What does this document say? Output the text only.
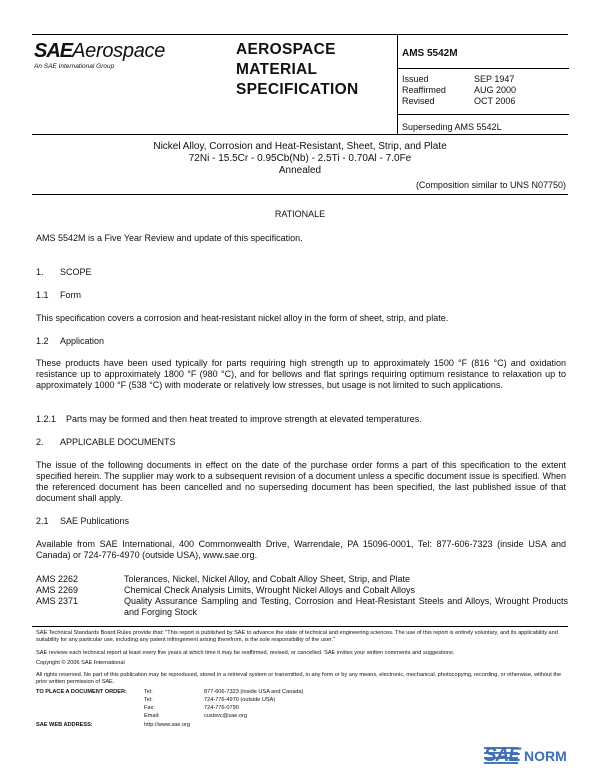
SAEAerospace
An SAE International Group
AEROSPACE
MATERIAL
SPECIFICATION
AMS 5542M
Issued	SEP 1947
Reaffirmed	AUG 2000
Revised	OCT 2006
Superseding AMS 5542L
Nickel Alloy, Corrosion and Heat-Resistant, Sheet, Strip, and Plate
72Ni - 15.5Cr - 0.95Cb(Nb) - 2.5Ti - 0.70Al - 7.0Fe
Annealed
(Composition similar to UNS N07750)
RATIONALE
AMS 5542M is a Five Year Review and update of this specification.
1. SCOPE
1.1 Form
This specification covers a corrosion and heat-resistant nickel alloy in the form of sheet, strip, and plate.
1.2 Application
These products have been used typically for parts requiring high strength up to approximately 1500 °F (816 °C) and oxidation resistance up to approximately 1800 °F (980 °C), and for bellows and flat springs requiring optimum resistance to relaxation up to approximately 1000 °F (538 °C) with moderate or relatively low stresses, but usage is not limited to such applications.
1.2.1 Parts may be formed and then heat treated to improve strength at elevated temperatures.
2. APPLICABLE DOCUMENTS
The issue of the following documents in effect on the date of the purchase order forms a part of this specification to the extent specified herein. The supplier may work to a subsequent revision of a document unless a specific document issue is specified. When the referenced document has been cancelled and no superseding document has been specified, the last published issue of that document shall apply.
2.1 SAE Publications
Available from SAE International, 400 Commonwealth Drive, Warrendale, PA 15096-0001, Tel: 877-606-7323 (inside USA and Canada) or 724-776-4970 (outside USA), www.sae.org.
AMS 2262	Tolerances, Nickel, Nickel Alloy, and Cobalt Alloy Sheet, Strip, and Plate
AMS 2269	Chemical Check Analysis Limits, Wrought Nickel Alloys and Cobalt Alloys
AMS 2371	Quality Assurance Sampling and Testing, Corrosion and Heat-Resistant Steels and Alloys, Wrought Products and Forging Stock
SAE Technical Standards Board Rules provide that: "This report is published by SAE to advance the state of technical and engineering sciences. The use of this report is entirely voluntary, and its applicability and suitability for any particular use, including any patent infringement arising therefrom, is the sole responsibility of the user."
SAE reviews each technical report at least every five years at which time it may be reaffirmed, revised, or cancelled. SAE invites your written comments and suggestions.
Copyright © 2006 SAE International
All rights reserved. No part of this publication may be reproduced, stored in a retrieval system or transmitted, in any form or by any means, electronic, mechanical, photocopying, recording, or otherwise, without the prior written permission of SAE.
TO PLACE A DOCUMENT ORDER:	Tel:	877-606-7323 (inside USA and Canada)
Tel:	724-776-4970 (outside USA)
Fax:	724-776-0790
Email:	custsvc@sae.org
SAE WEB ADDRESS:	http://www.sae.org
SAE NORM
